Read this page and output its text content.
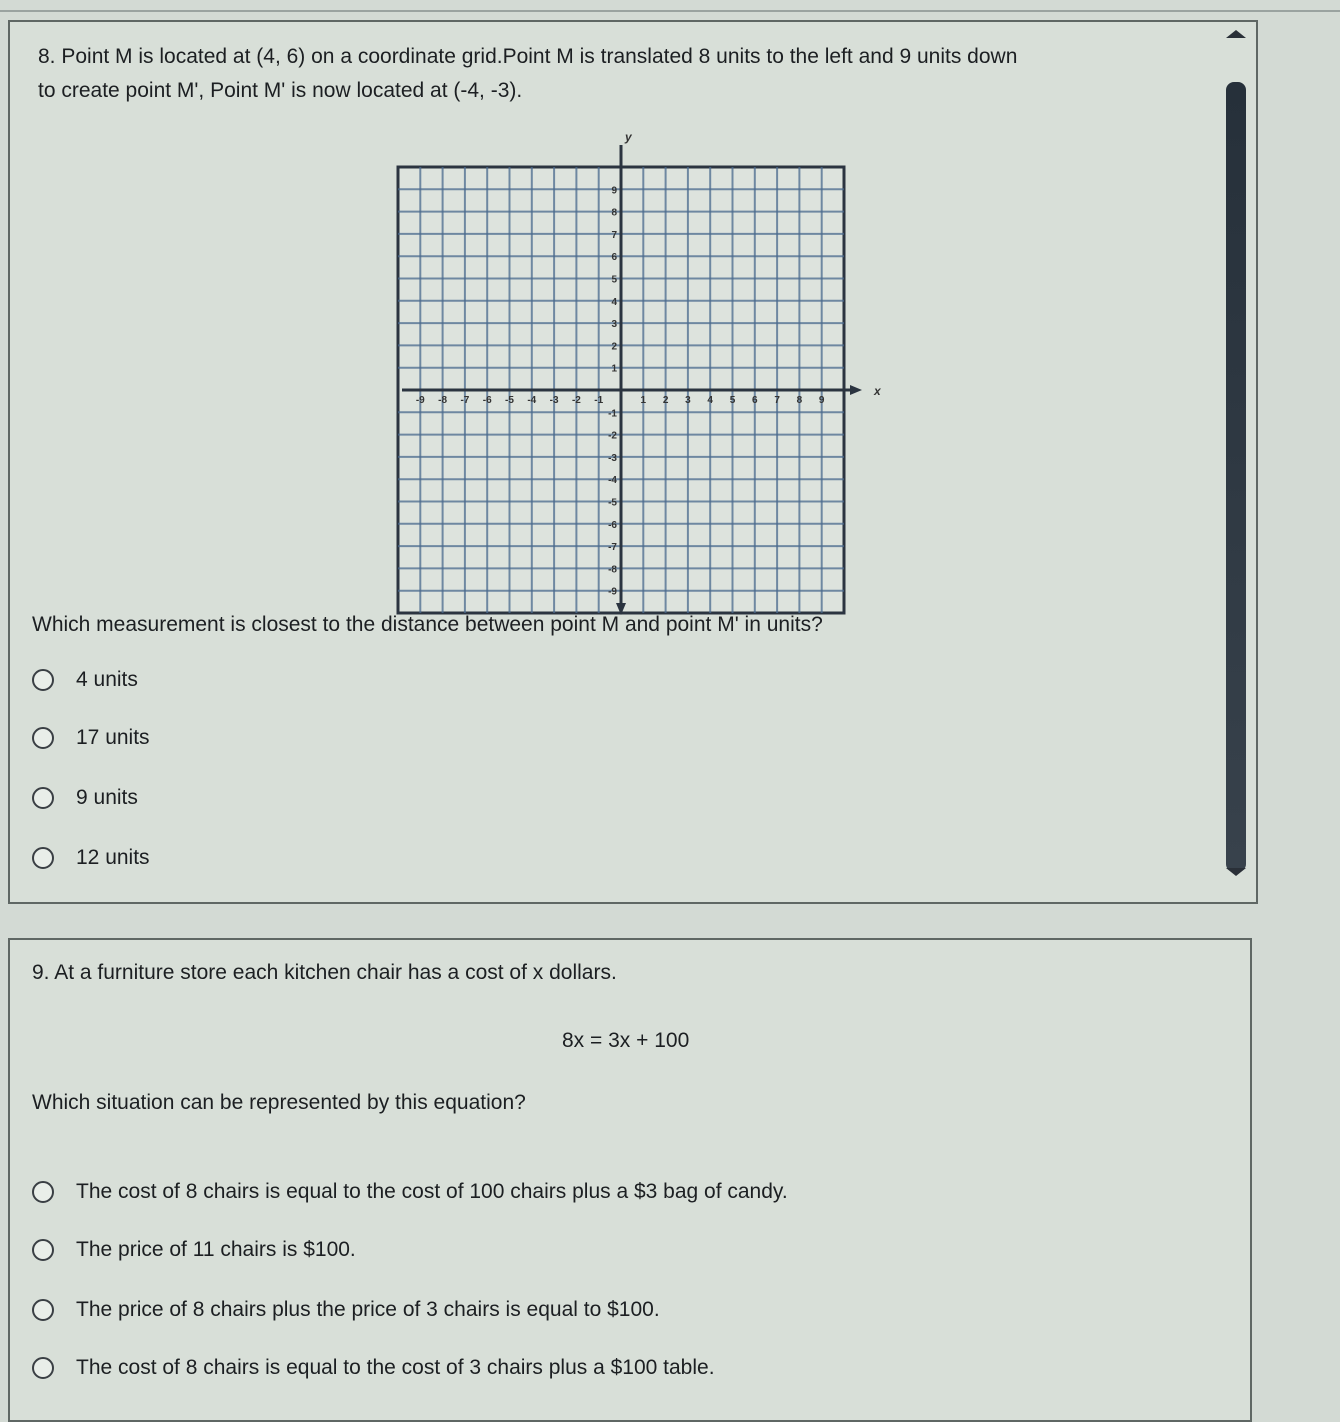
8. Point M is located at (4, 6) on a coordinate grid.Point M is translated 8 units to the left and 9 units down
to create point M', Point M' is now located at (-4, -3).
-9
-9
-8
-8
-7
-7
-6
-6
-5
-5
-4
-4
-3
-3
-2
-2
-1
-1
1
1
2
2
3
3
4
4
5
5
6
6
7
7
8
8
9
9
x
y
Which measurement is closest to the distance between point M and point M' in units?
4 units
17 units
9 units
12 units
9. At a furniture store each kitchen chair has a cost of x dollars.
8x = 3x + 100
Which situation can be represented by this equation?
The cost of 8 chairs is equal to the cost of 100 chairs plus a $3 bag of candy.
The price of 11 chairs is $100.
The price of 8 chairs plus the price of 3 chairs is equal to $100.
The cost of 8 chairs is equal to the cost of 3 chairs plus a $100 table.
